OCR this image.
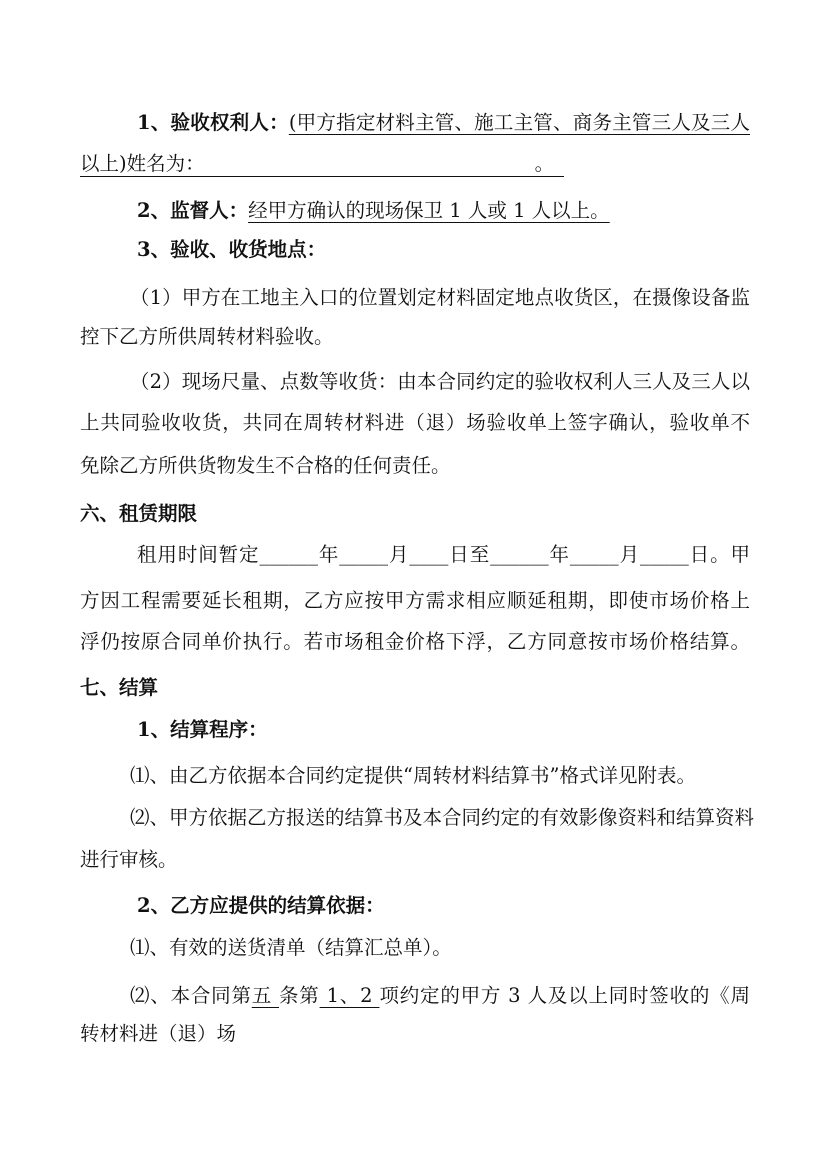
1、验收权利人：(甲方指定材料主管、施工主管、商务主管三人及三人
以上)姓名为：	。
2、监督人：经甲方确认的现场保卫 1 人或 1 人以上。
3、验收、收货地点：
（1）甲方在工地主入口的位置划定材料固定地点收货区，在摄像设备监
控下乙方所供周转材料验收。
（2）现场尺量、点数等收货：由本合同约定的验收权利人三人及三人以
上共同验收收货，共同在周转材料进（退）场验收单上签字确认，验收单不
免除乙方所供货物发生不合格的任何责任。
六、租赁期限
租用时间暂定______年_____月____日至______年_____月_____日。甲
方因工程需要延长租期，乙方应按甲方需求相应顺延租期，即使市场价格上
浮仍按原合同单价执行。若市场租金价格下浮，乙方同意按市场价格结算。
七、结算
1、结算程序：
⑴、由乙方依据本合同约定提供“周转材料结算书”格式详见附表。
⑵、甲方依据乙方报送的结算书及本合同约定的有效影像资料和结算资料
进行审核。
2、乙方应提供的结算依据：
⑴、有效的送货清单（结算汇总单）。
⑵、本合同第五 条第 1、2 项约定的甲方 3 人及以上同时签收的《周
转材料进（退）场
